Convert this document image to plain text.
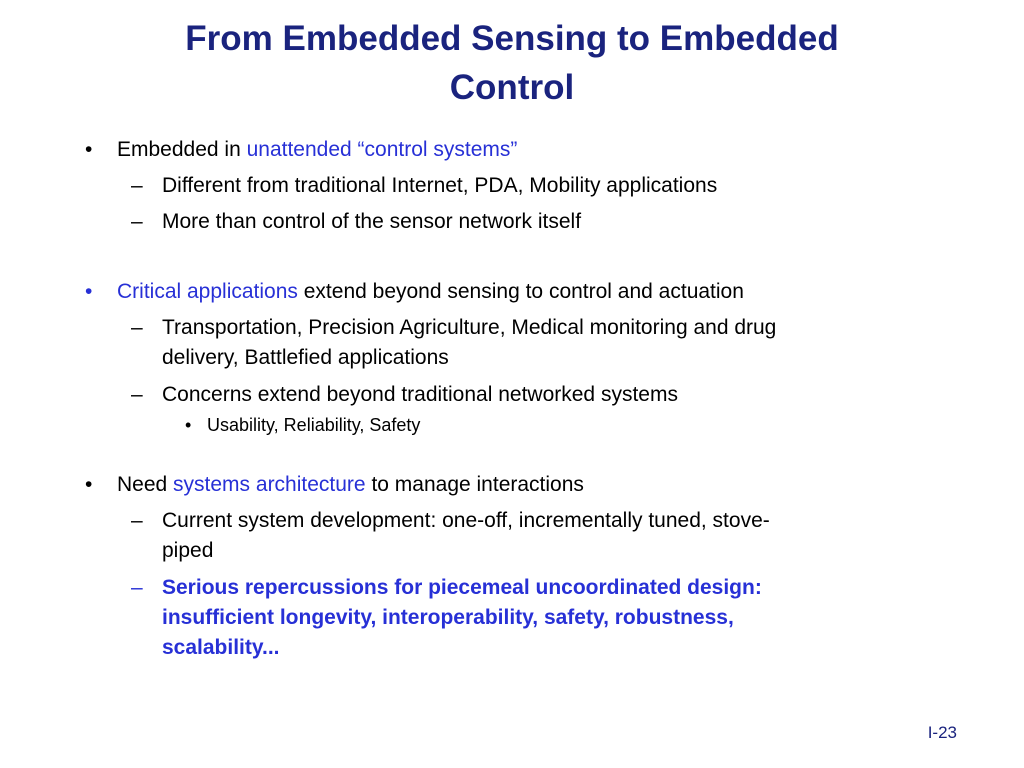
From Embedded Sensing to Embedded
Control
• Embedded in unattended “control systems”
– Different from traditional Internet, PDA, Mobility applications
– More than control of the sensor network itself
• Critical applications extend beyond sensing to control and actuation
– Transportation, Precision Agriculture, Medical monitoring and drug
delivery, Battlefied applications
– Concerns extend beyond traditional networked systems
• Usability, Reliability, Safety
• Need systems architecture to manage interactions
– Current system development: one-off, incrementally tuned, stove-
piped
– Serious repercussions for piecemeal uncoordinated design:
insufficient longevity, interoperability, safety, robustness,
scalability...
I-23
